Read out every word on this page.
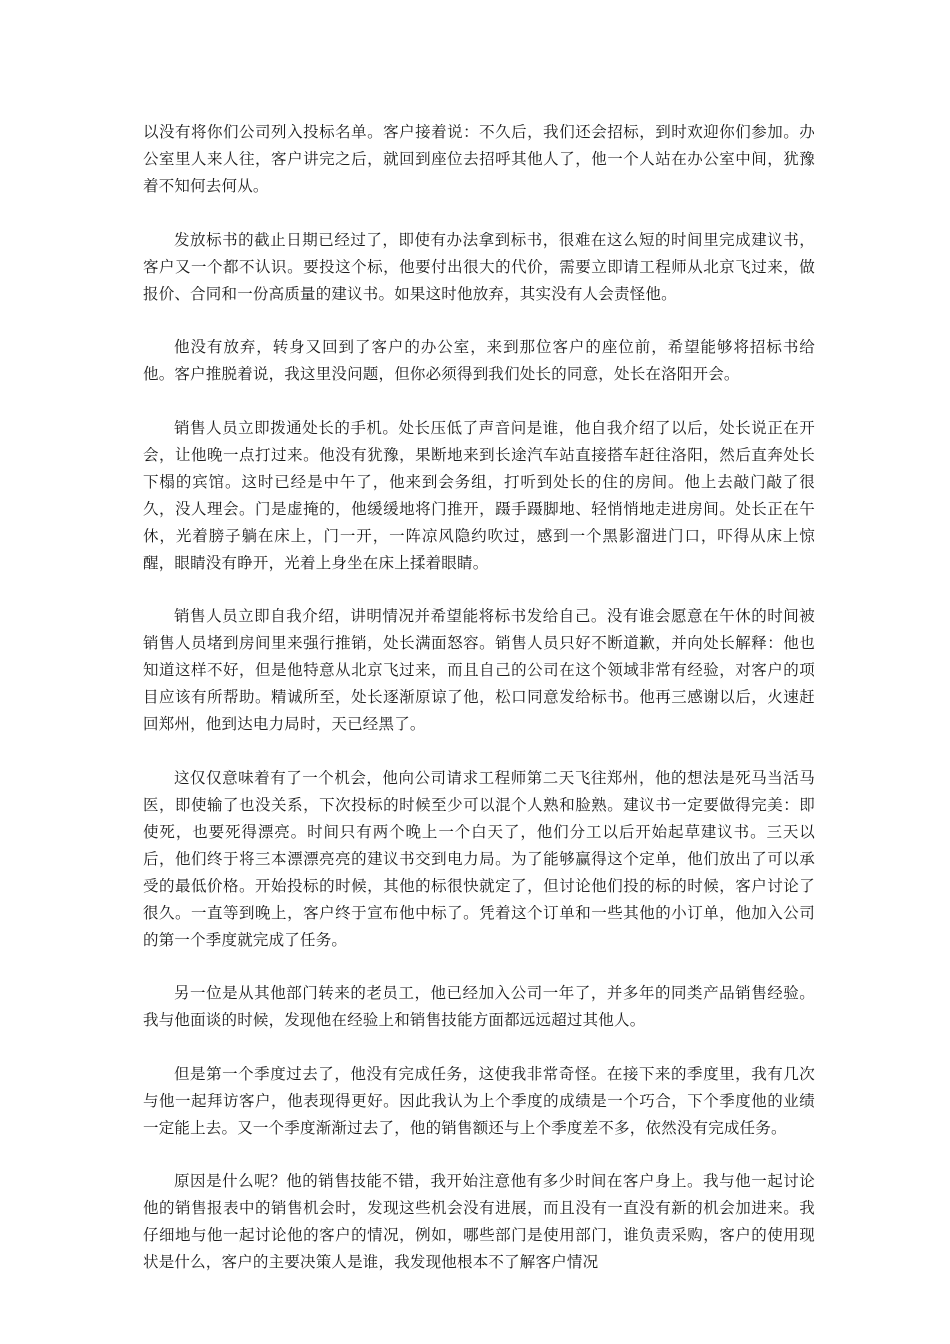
以没有将你们公司列入投标名单。客户接着说：不久后，我们还会招标，到时欢迎你们参加。办公室里人来人往，客户讲完之后，就回到座位去招呼其他人了，他一个人站在办公室中间，犹豫着不知何去何从。

发放标书的截止日期已经过了，即使有办法拿到标书，很难在这么短的时间里完成建议书，客户又一个都不认识。要投这个标，他要付出很大的代价，需要立即请工程师从北京飞过来，做报价、合同和一份高质量的建议书。如果这时他放弃，其实没有人会责怪他。

他没有放弃，转身又回到了客户的办公室，来到那位客户的座位前，希望能够将招标书给他。客户推脱着说，我这里没问题，但你必须得到我们处长的同意，处长在洛阳开会。

销售人员立即拨通处长的手机。处长压低了声音问是谁，他自我介绍了以后，处长说正在开会，让他晚一点打过来。他没有犹豫，果断地来到长途汽车站直接搭车赶往洛阳，然后直奔处长下榻的宾馆。这时已经是中午了，他来到会务组，打听到处长的住的房间。他上去敲门敲了很久，没人理会。门是虚掩的，他缓缓地将门推开，蹑手蹑脚地、轻悄悄地走进房间。处长正在午休，光着膀子躺在床上，门一开，一阵凉风隐约吹过，感到一个黑影溜进门口，吓得从床上惊醒，眼睛没有睁开，光着上身坐在床上揉着眼睛。

销售人员立即自我介绍，讲明情况并希望能将标书发给自己。没有谁会愿意在午休的时间被销售人员堵到房间里来强行推销，处长满面怒容。销售人员只好不断道歉，并向处长解释：他也知道这样不好，但是他特意从北京飞过来，而且自己的公司在这个领域非常有经验，对客户的项目应该有所帮助。精诚所至，处长逐渐原谅了他，松口同意发给标书。他再三感谢以后，火速赶回郑州，他到达电力局时，天已经黑了。

这仅仅意味着有了一个机会，他向公司请求工程师第二天飞往郑州，他的想法是死马当活马医，即使输了也没关系，下次投标的时候至少可以混个人熟和脸熟。建议书一定要做得完美：即使死，也要死得漂亮。时间只有两个晚上一个白天了，他们分工以后开始起草建议书。三天以后，他们终于将三本漂漂亮亮的建议书交到电力局。为了能够赢得这个定单，他们放出了可以承受的最低价格。开始投标的时候，其他的标很快就定了，但讨论他们投的标的时候，客户讨论了很久。一直等到晚上，客户终于宣布他中标了。凭着这个订单和一些其他的小订单，他加入公司的第一个季度就完成了任务。

另一位是从其他部门转来的老员工，他已经加入公司一年了，并多年的同类产品销售经验。我与他面谈的时候，发现他在经验上和销售技能方面都远远超过其他人。

但是第一个季度过去了，他没有完成任务，这使我非常奇怪。在接下来的季度里，我有几次与他一起拜访客户，他表现得更好。因此我认为上个季度的成绩是一个巧合，下个季度他的业绩一定能上去。又一个季度渐渐过去了，他的销售额还与上个季度差不多，依然没有完成任务。

原因是什么呢？他的销售技能不错，我开始注意他有多少时间在客户身上。我与他一起讨论他的销售报表中的销售机会时，发现这些机会没有进展，而且没有一直没有新的机会加进来。我仔细地与他一起讨论他的客户的情况，例如，哪些部门是使用部门，谁负责采购，客户的使用现状是什么，客户的主要决策人是谁，我发现他根本不了解客户情况
